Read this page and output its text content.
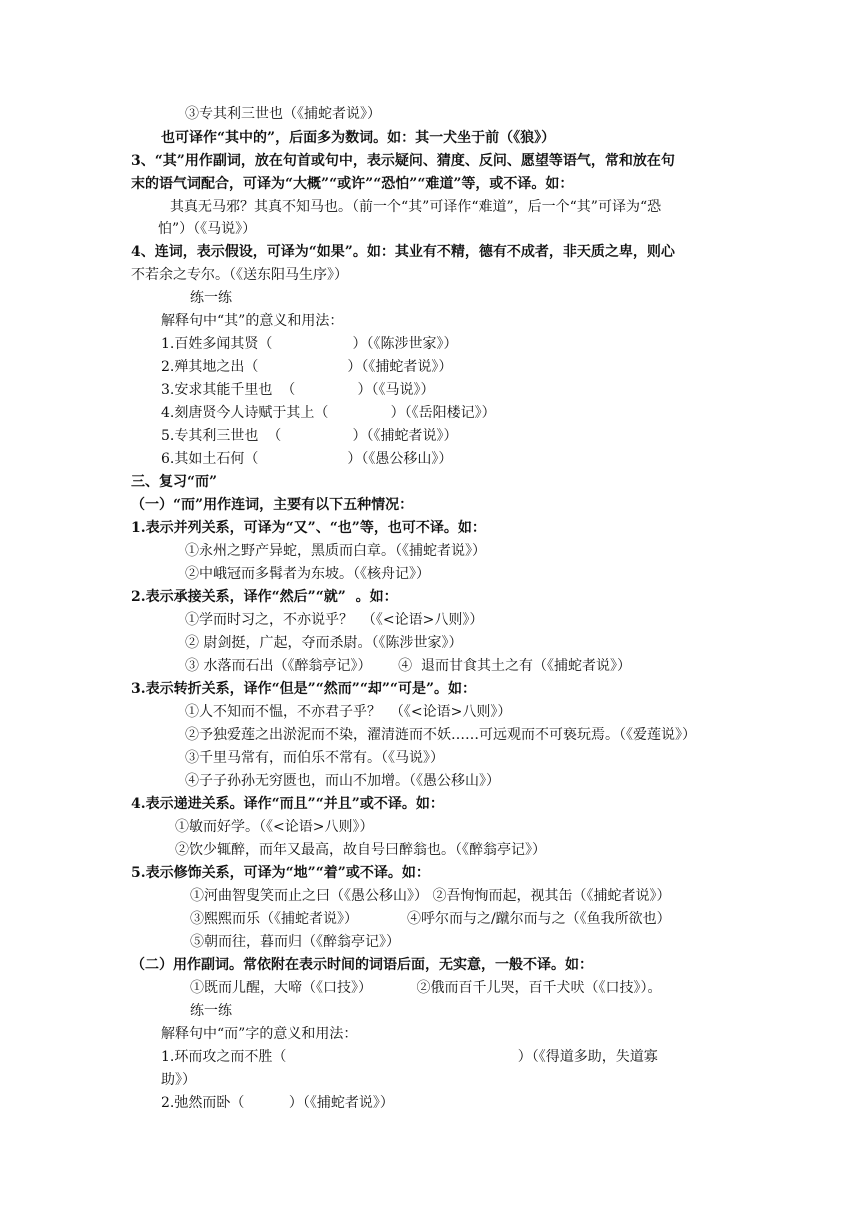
③专其利三世也（《捕蛇者说》）

也可译作“其中的”，后面多为数词。如：其一犬坐于前（《狼》）

3、“其”用作副词，放在句首或句中，表示疑问、猜度、反问、愿望等语气，常和放在句

末的语气词配合，可译为“大概”“或许”“恐怕”“难道”等，或不译。如：

其真无马邪？其真不知马也。（前一个“其”可译作“难道”，后一个“其”可译为“恐

怕”）（《马说》）

4、连词，表示假设，可译为“如果”。如：其业有不精，德有不成者，非天质之卑，则心

不若余之专尔。（《送东阳马生序》）

练一练

解释句中“其”的意义和用法：

1.百姓多闻其贤（                  ）（《陈涉世家》）

2.殚其地之出（                    ）（《捕蛇者说》）

3.安求其能千里也  （              ）（《马说》）

4.刻唐贤今人诗赋于其上（              ）（《岳阳楼记》）

5.专其利三世也  （                ）（《捕蛇者说》）

6.其如土石何（                    ）（《愚公移山》）

三、复习“而”

（一）“而”用作连词，主要有以下五种情况：

1.表示并列关系，可译为“又”、“也”等，也可不译。如：

①永州之野产异蛇，黑质而白章。（《捕蛇者说》）

②中峨冠而多髯者为东坡。（《核舟记》）

2.表示承接关系，译作“然后”“就”  。如：

①学而时习之，不亦说乎？  （《<论语>八则》）

② 尉剑挺，广起，夺而杀尉。（《陈涉世家》）

③ 水落而石出（《醉翁亭记》）      ④  退而甘食其土之有（《捕蛇者说》）

3.表示转折关系，译作“但是”“然而”“却”“可是”。如：

①人不知而不愠，不亦君子乎？  （《<论语>八则》）

②予独爱莲之出淤泥而不染，濯清涟而不妖……可远观而不可亵玩焉。（《爱莲说》）

③千里马常有，而伯乐不常有。（《马说》）

④子子孙孙无穷匮也，而山不加增。（《愚公移山》）

4.表示递进关系。译作“而且”“并且”或不译。如：

①敏而好学。（《<论语>八则》）

②饮少辄醉，而年又最高，故自号曰醉翁也。（《醉翁亭记》）

5.表示修饰关系，可译为“地”“着”或不译。如：

①河曲智叟笑而止之曰（《愚公移山》） ②吾恂恂而起，视其缶（《捕蛇者说》）

③熙熙而乐（《捕蛇者说》）           ④呼尔而与之/蹴尔而与之（《鱼我所欲也）

⑤朝而往，暮而归（《醉翁亭记》）

（二）用作副词。常依附在表示时间的词语后面，无实意，一般不译。如：

①既而儿醒，大啼（《口技》）          ②俄而百千儿哭，百千犬吠（《口技》）。

练一练

解释句中“而”字的意义和用法：

1.环而攻之而不胜（                                                    ）（《得道多助，失道寡

助》）

2.弛然而卧（          ）（《捕蛇者说》）
